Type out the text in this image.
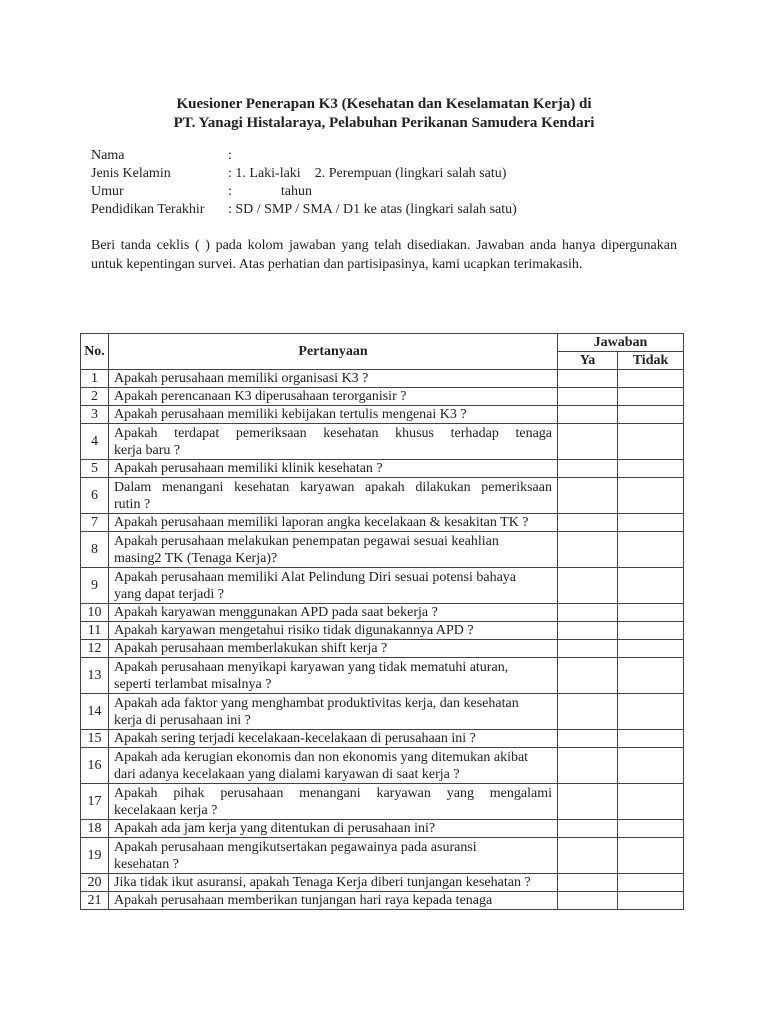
Kuesioner Penerapan K3 (Kesehatan dan Keselamatan Kerja) di
PT. Yanagi Histalaraya, Pelabuhan Perikanan Samudera Kendari
Nama	:
Jenis Kelamin	: 1. Laki-laki    2. Perempuan (lingkari salah satu)
Umur	:              tahun
Pendidikan Terakhir	: SD / SMP / SMA / D1 ke atas (lingkari salah satu)
Beri tanda ceklis ( ) pada kolom jawaban yang telah disediakan. Jawaban anda hanya dipergunakan untuk kepentingan survei. Atas perhatian dan partisipasinya, kami ucapkan terimakasih.
No.	Pertanyaan	Jawaban	
		Ya	Tidak
1	Apakah perusahaan memiliki organisasi K3 ?		

2	Apakah perencanaan K3 diperusahaan terorganisir ?		

3	Apakah perusahaan memiliki kebijakan tertulis mengenai K3 ?		

4	Apakah terdapat pemeriksaan kesehatan khusus terhadap tenaga
kerja baru ?		

5	Apakah perusahaan memiliki klinik kesehatan ?		

6	Dalam menangani kesehatan karyawan apakah dilakukan pemeriksaan
rutin ?		

7	Apakah perusahaan memiliki laporan angka kecelakaan & kesakitan TK ?		

8	Apakah perusahaan melakukan penempatan pegawai sesuai keahlian
masing2 TK (Tenaga Kerja)?		

9	Apakah perusahaan memiliki Alat Pelindung Diri sesuai potensi bahaya
yang dapat terjadi ?		

10	Apakah karyawan menggunakan APD pada saat bekerja ?		

11	Apakah karyawan mengetahui risiko tidak digunakannya APD ?		

12	Apakah perusahaan memberlakukan shift kerja ?		

13	Apakah perusahaan menyikapi karyawan yang tidak mematuhi aturan,
seperti terlambat misalnya ?		

14	Apakah ada faktor yang menghambat produktivitas kerja, dan kesehatan
kerja di perusahaan ini ?		

15	Apakah sering terjadi kecelakaan-kecelakaan di perusahaan ini ?		

16	Apakah ada kerugian ekonomis dan non ekonomis yang ditemukan akibat
dari adanya kecelakaan yang dialami karyawan di saat kerja ?		

17	Apakah pihak perusahaan menangani karyawan yang mengalami
kecelakaan kerja ?		

18	Apakah ada jam kerja yang ditentukan di perusahaan ini?		

19	Apakah perusahaan mengikutsertakan pegawainya pada asuransi
kesehatan ?		

20	Jika tidak ikut asuransi, apakah Tenaga Kerja diberi tunjangan kesehatan ?		

21	Apakah perusahaan memberikan tunjangan hari raya kepada tenaga		
